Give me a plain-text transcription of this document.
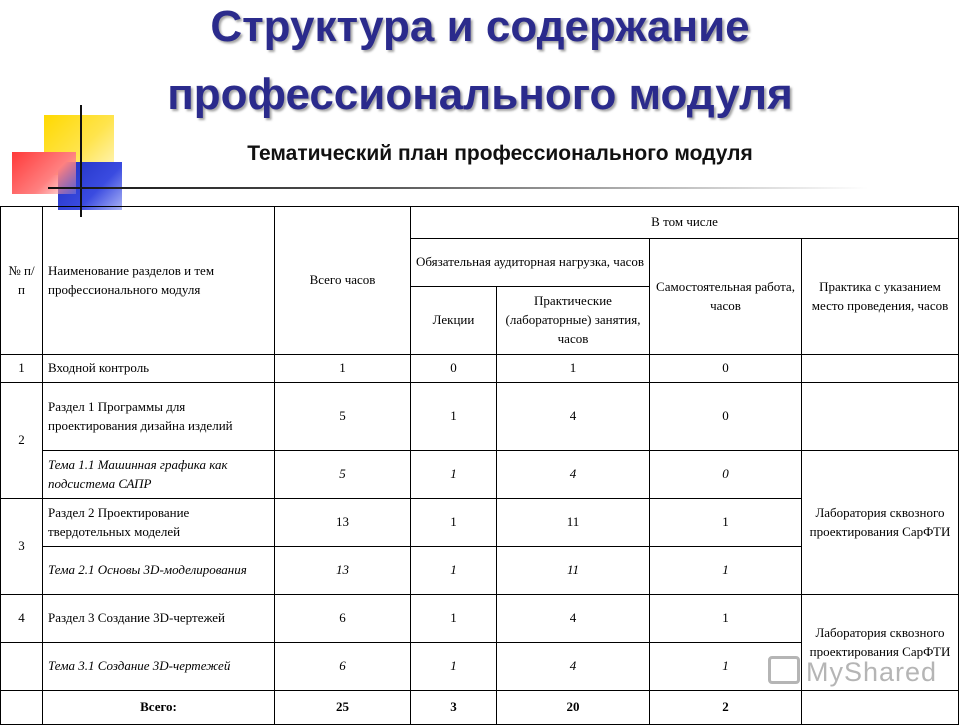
Структура и содержание
профессионального модуля
Тематический план профессионального модуля
№ п/п	Наименование разделов и тем профессионального модуля	Всего часов	В том числе			
			Обязательная аудиторная нагрузка, часов		Самостоятельная работа, часов	Практика с указанием место проведения, часов
			Лекции	Практические (лабораторные) занятия, часов		
1	Входной контроль	1	0	1	0	
2	Раздел 1 Программы для проектирования дизайна изделий	5	1	4	0	
	Тема 1.1 Машинная графика как подсистема САПР	5	1	4	0	Лаборатория сквозного проектирования СарФТИ
3	Раздел 2 Проектирование твердотельных моделей	13	1	11	1	
	Тема 2.1 Основы 3D-моделирования	13	1	11	1	
4	Раздел 3 Создание 3D-чертежей	6	1	4	1	Лаборатория сквозного проектирования СарФТИ
	Тема 3.1 Создание 3D-чертежей	6	1	4	1	
	Всего:	25	3	20	2	
MyShared
